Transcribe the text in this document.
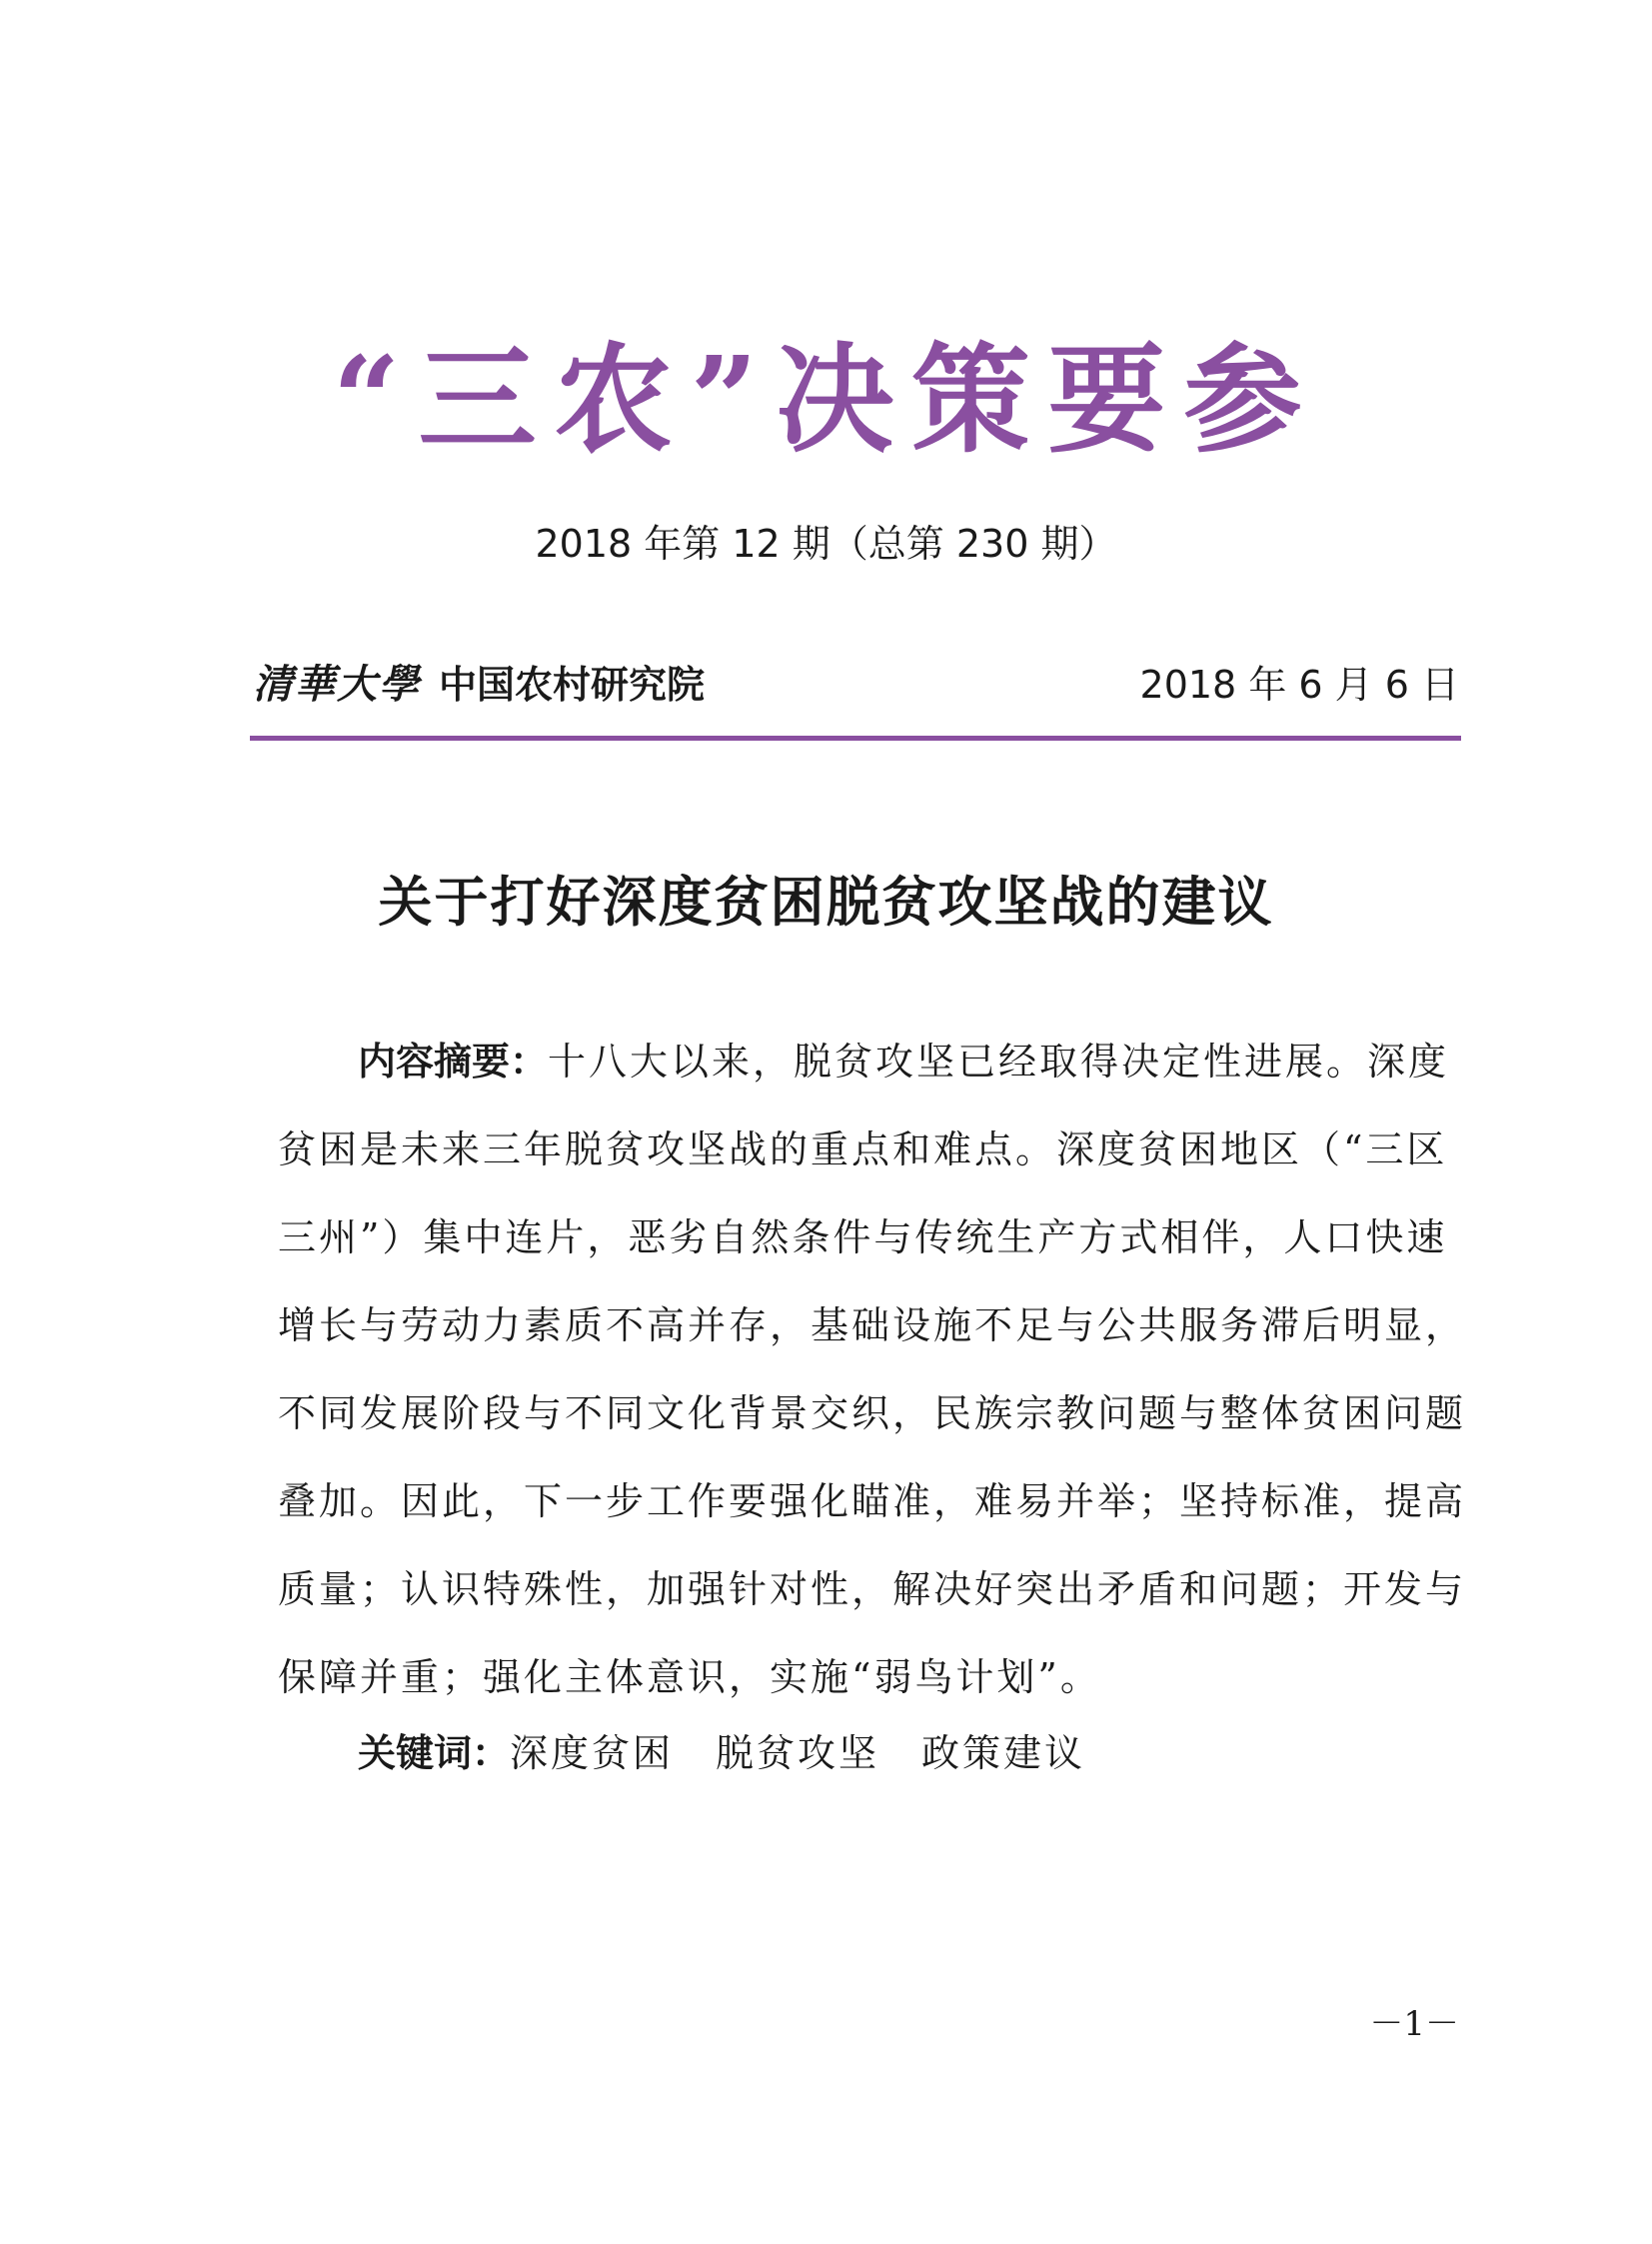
“三农”决策要参
2018 年第 12 期（总第 230 期）
清華大學 中国农村研究院	2018 年 6 月 6 日
关于打好深度贫困脱贫攻坚战的建议
内容摘要：十八大以来，脱贫攻坚已经取得决定性进展。深度
贫困是未来三年脱贫攻坚战的重点和难点。深度贫困地区（“三区
三州”）集中连片，恶劣自然条件与传统生产方式相伴，人口快速
增长与劳动力素质不高并存，基础设施不足与公共服务滞后明显，
不同发展阶段与不同文化背景交织，民族宗教问题与整体贫困问题
叠加。因此，下一步工作要强化瞄准，难易并举；坚持标准，提高
质量；认识特殊性，加强针对性，解决好突出矛盾和问题；开发与
保障并重；强化主体意识，实施“弱鸟计划”。
关键词：深度贫困 脱贫攻坚 政策建议
－1－
